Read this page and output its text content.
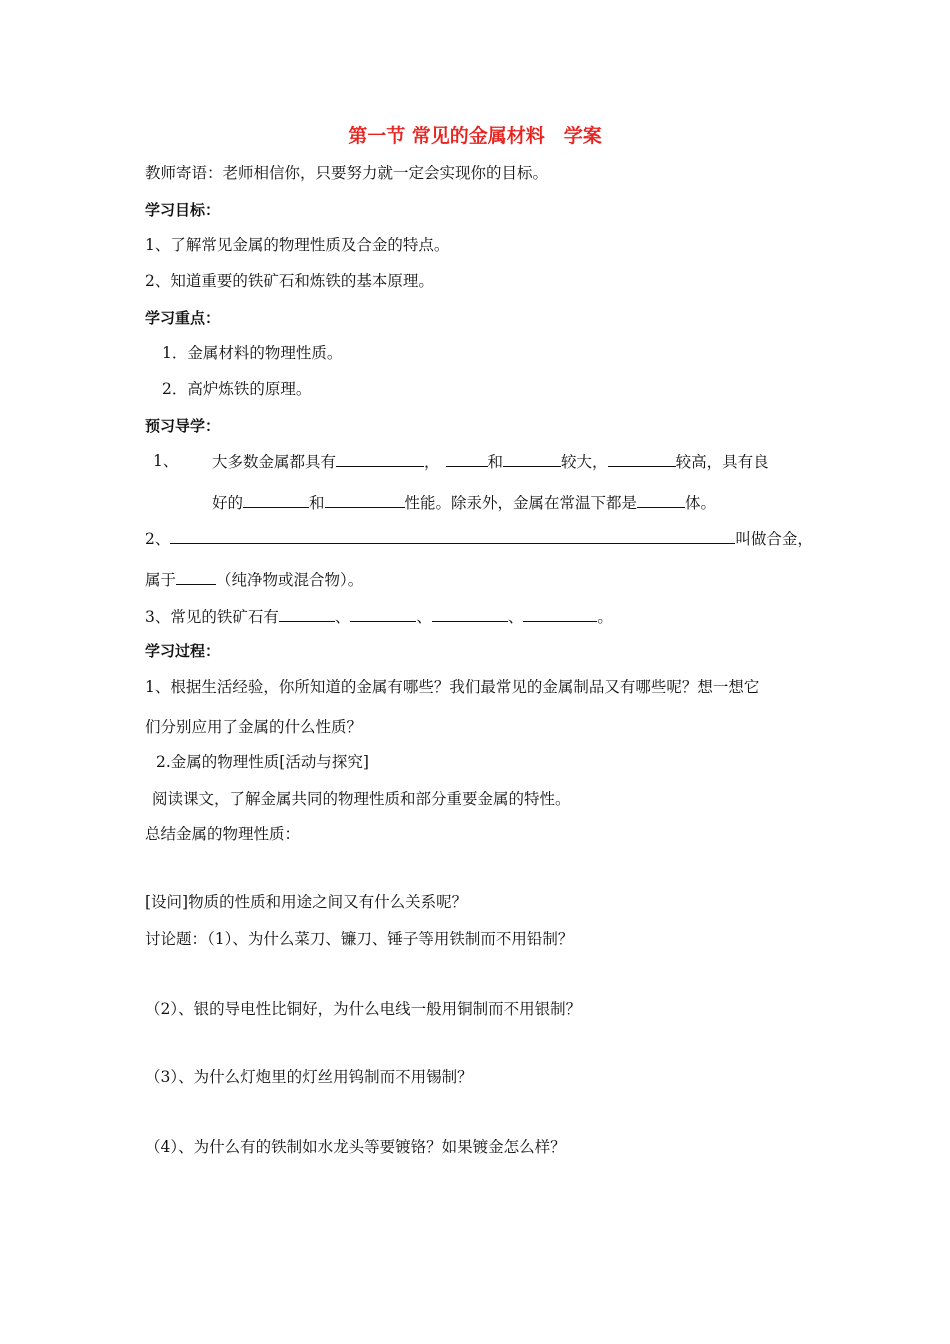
第一节 常见的金属材料　学案
教师寄语：老师相信你，只要努力就一定会实现你的目标。
学习目标：
1、了解常见金属的物理性质及合金的特点。
2、知道重要的铁矿石和炼铁的基本原理。
学习重点：
1．金属材料的物理性质。
2．高炉炼铁的原理。
预习导学：
1、 大多数金属都具有	，	和	较大，	较高，具有良
好的	和	性能。除汞外，金属在常温下都是	体。
2、	叫做合金，
属于	（纯净物或混合物）。
3、常见的铁矿石有	、	、	、	。
学习过程：
1、根据生活经验，你所知道的金属有哪些？我们最常见的金属制品又有哪些呢？想一想它
们分别应用了金属的什么性质？
2.金属的物理性质[活动与探究]
阅读课文，了解金属共同的物理性质和部分重要金属的特性。
总结金属的物理性质：
[设问]物质的性质和用途之间又有什么关系呢？
讨论题：（1）、为什么菜刀、镰刀、锤子等用铁制而不用铅制？
（2）、银的导电性比铜好，为什么电线一般用铜制而不用银制？
（3）、为什么灯炮里的灯丝用钨制而不用锡制？
（4）、为什么有的铁制如水龙头等要镀铬？如果镀金怎么样？
